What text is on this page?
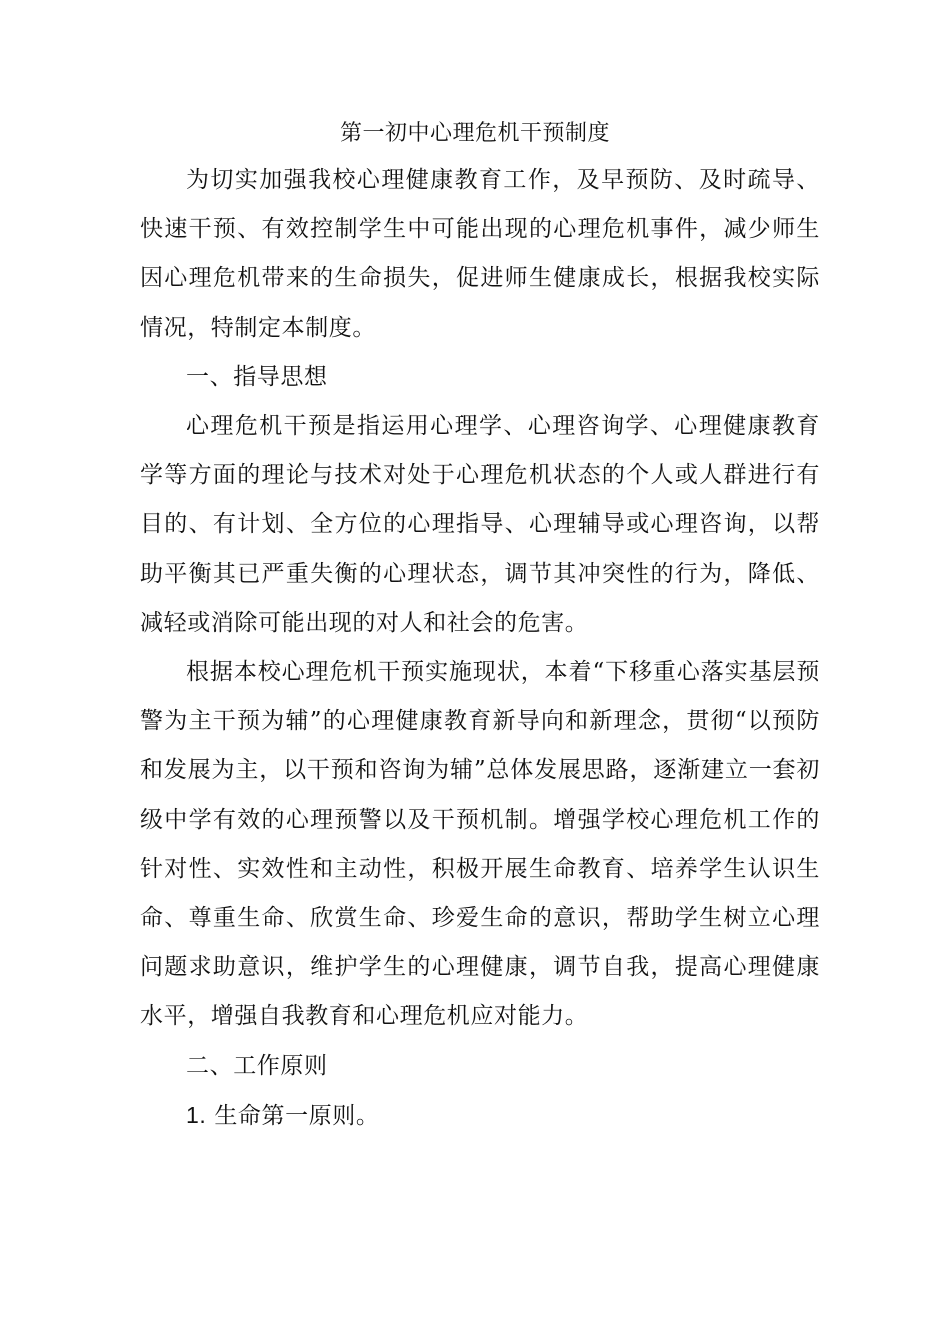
第一初中心理危机干预制度

为切实加强我校心理健康教育工作，及早预防、及时疏导、快速干预、有效控制学生中可能出现的心理危机事件，减少师生因心理危机带来的生命损失，促进师生健康成长，根据我校实际情况，特制定本制度。

一、指导思想

心理危机干预是指运用心理学、心理咨询学、心理健康教育学等方面的理论与技术对处于心理危机状态的个人或人群进行有目的、有计划、全方位的心理指导、心理辅导或心理咨询，以帮助平衡其已严重失衡的心理状态，调节其冲突性的行为，降低、减轻或消除可能出现的对人和社会的危害。

根据本校心理危机干预实施现状，本着“下移重心落实基层预警为主干预为辅”的心理健康教育新导向和新理念，贯彻“以预防和发展为主，以干预和咨询为辅”总体发展思路，逐渐建立一套初级中学有效的心理预警以及干预机制。增强学校心理危机工作的针对性、实效性和主动性，积极开展生命教育、培养学生认识生命、尊重生命、欣赏生命、珍爱生命的意识，帮助学生树立心理问题求助意识，维护学生的心理健康，调节自我，提高心理健康水平，增强自我教育和心理危机应对能力。

二、工作原则

1. 生命第一原则。
